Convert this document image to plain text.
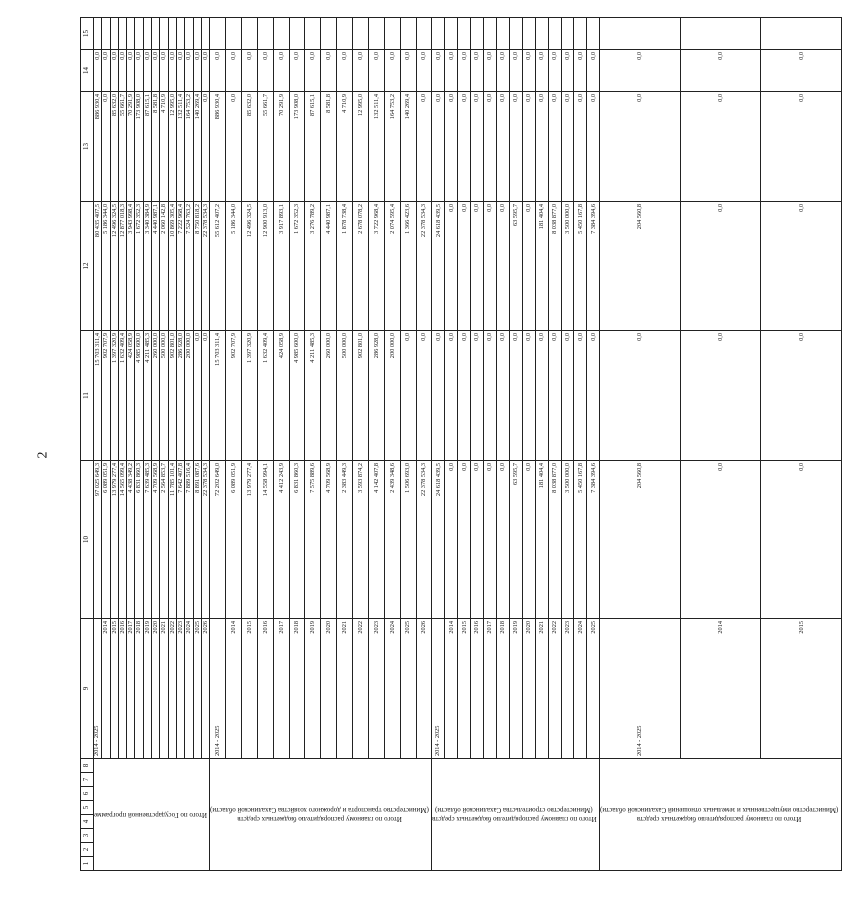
2
1	2	3	4	5	6	7	8	9	10	11	12	13	14	15

Итого по Государственной программе								2014 - 2025	97 025 649,3	15 703 311,4	80 435 407,5	886 930,4	0,0	
								2014	6 089 051,9	902 707,9	5 186 344,0	0,0	0,0	
								2015	13 979 277,4	1 397 320,9	12 496 324,5	85 632,0	0,0	
								2016	14 565 099,4	1 632 409,4	12 877 018,3	55 661,7	0,0	
								2017	4 438 349,2	424 058,9	3 943 998,4	70 291,9	0,0	
								2018	6 831 860,3	4 985 600,0	1 672 352,3	173 908,0	0,0	
								2019	7 639 485,3	4 211 485,3	3 340 384,9	87 615,1	0,0	
								2020	4 709 568,9	260 000,0	4 440 987,1	8 581,8	0,0	
								2021	2 564 853,7	500 000,0	2 060 142,8	4 710,9	0,0	
								2022	11 785 101,4	902 801,0	10 869 305,4	12 995,0	0,0	
								2023	7 642 407,8	286 928,0	7 222 968,4	132 511,4	0,0	
								2024	7 889 516,4	200 000,0	7 524 763,2	164 753,2	0,0	
								2025	8 891 087,6	0,0	8 750 818,2	140 269,4	0,0	
								2026	22 378 534,3	0,0	22 378 534,3	0,0	0,0	

Итого по главному распорядителю бюджетных средств
(Министерство транспорта и дорожного хозяйства Сахалинской области)								2014 - 2025	72 202 649,0	15 703 311,4	55 612 407,2	886 930,4	0,0	
								2014	6 089 051,9	902 707,9	5 186 344,0	0,0	0,0	
								2015	13 979 277,4	1 397 320,9	12 496 324,5	85 632,0	0,0	
								2016	14 558 994,1	1 632 409,4	12 900 913,0	55 661,7	0,0	
								2017	4 412 243,9	424 058,9	3 917 893,1	70 291,9	0,0	
								2018	6 831 860,3	4 985 600,0	1 672 352,3	173 908,0	0,0	
								2019	7 575 889,6	4 211 485,3	3 276 789,2	87 615,1	0,0	
								2020	4 709 568,9	260 000,0	4 440 987,1	8 581,8	0,0	
								2021	2 383 449,3	500 000,0	1 878 738,4	4 710,9	0,0	
								2022	3 593 874,2	902 801,0	2 678 078,2	12 995,0	0,0	
								2023	4 142 407,8	286 928,0	3 722 968,4	132 511,4	0,0	
								2024	2 439 348,6	200 000,0	2 074 595,4	164 753,2	0,0	
								2025	1 506 693,0	0,0	1 366 423,6	140 269,4	0,0	
								2026	22 378 534,3	0,0	22 378 534,3	0,0	0,0	

Итого по главному распорядителю бюджетных средств
(Министерство строительства Сахалинской области)								2014 - 2025	24 618 439,5	0,0	24 618 439,5	0,0	0,0	
								2014	0,0	0,0	0,0	0,0	0,0	
								2015	0,0	0,0	0,0	0,0	0,0	
								2016	0,0	0,0	0,0	0,0	0,0	
								2017	0,0	0,0	0,0	0,0	0,0	
								2018	0,0	0,0	0,0	0,0	0,0	
								2019	63 595,7	0,0	63 595,7	0,0	0,0	
								2020	0,0	0,0	0,0	0,0	0,0	
								2021	181 404,4	0,0	181 404,4	0,0	0,0	
								2022	8 038 877,0	0,0	8 038 877,0	0,0	0,0	
								2023	3 500 000,0	0,0	3 500 000,0	0,0	0,0	
								2024	5 450 167,8	0,0	5 450 167,8	0,0	0,0	
								2025	7 384 394,6	0,0	7 384 394,6	0,0	0,0	

Итого по главному распорядителю бюджетных средств
(Министерство имущественных и земельных отношений Сахалинской области)								2014 - 2025	204 560,8	0,0	204 560,8	0,0	0,0	
								2014	0,0	0,0	0,0	0,0	0,0	
								2015	0,0	0,0	0,0	0,0	0,0	
